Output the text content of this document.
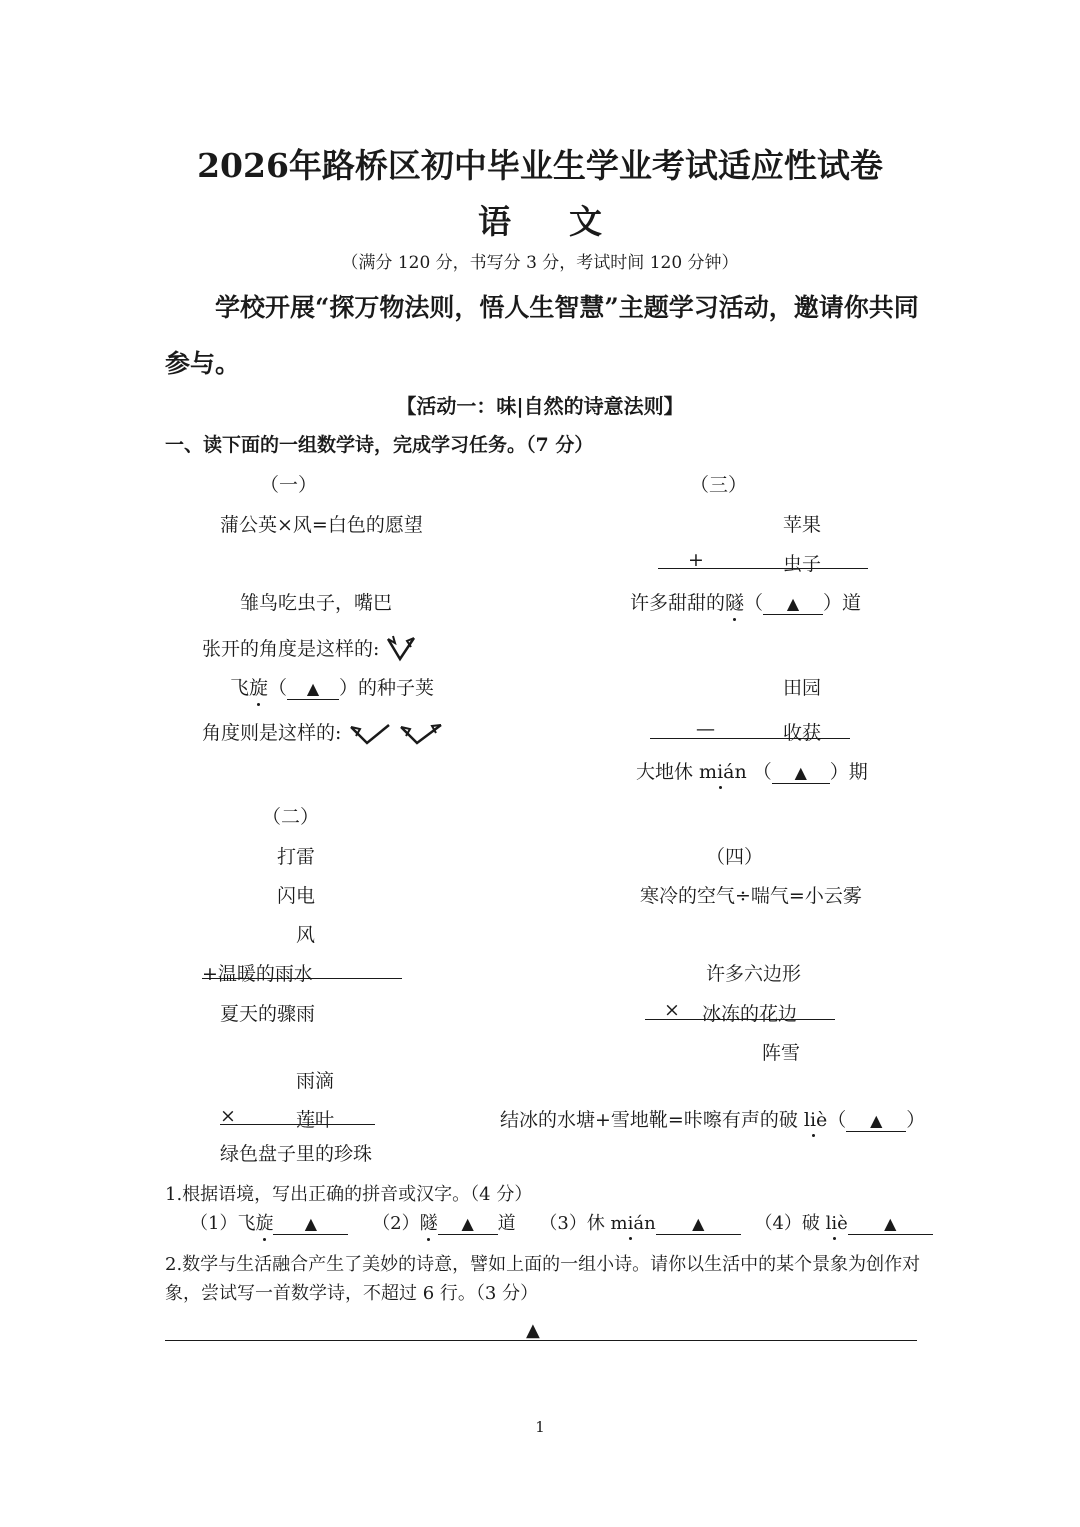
2026年路桥区初中毕业生学业考试适应性试卷
语文
（满分 120 分，书写分 3 分，考试时间 120 分钟）
学校开展“探万物法则，悟人生智慧”主题学习活动，邀请你共同参与。
【活动一：味|自然的诗意法则】
一、读下面的一组数学诗，完成学习任务。（7 分）
（一）
蒲公英×风=白色的愿望
雏鸟吃虫子，嘴巴
张开的角度是这样的:
飞旋（ ▲ ）的种子荚
角度则是这样的:
（二）
打雷
闪电
风
+温暖的雨水
夏天的骤雨
雨滴
×	莲叶
绿色盘子里的珍珠
（三）
苹果
+	虫子
许多甜甜的隧（ ▲ ）道
田园
—	收获
大地休 mián （ ▲ ）期
（四）
寒冷的空气÷喘气=小云雾
许多六边形
× 冰冻的花边
阵雪
结冰的水塘+雪地靴=咔嚓有声的破 liè（ ▲ ）
1.根据语境，写出正确的拼音或汉字。（4 分）
（1）飞旋 ▲	（2）隧 ▲ 道 （3）休 mián ▲	（4）破 liè ▲
2.数学与生活融合产生了美妙的诗意，譬如上面的一组小诗。请你以生活中的某个景象为创作对象，尝试写一首数学诗，不超过 6 行。（3 分）
▲
1
